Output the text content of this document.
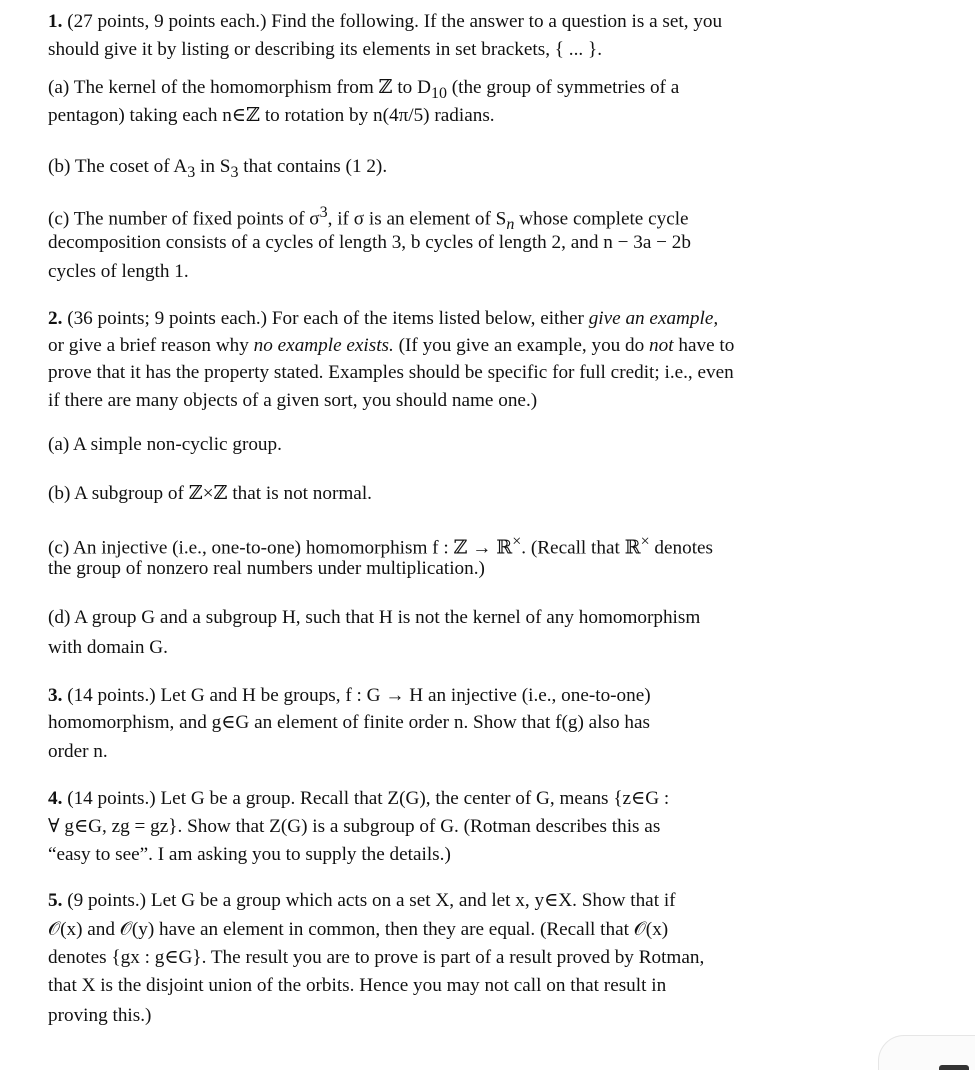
1. (27 points, 9 points each.) Find the following. If the answer to a question is a set, you
should give it by listing or describing its elements in set brackets, { ... }.
(a) The kernel of the homomorphism from ℤ to $D_{10}$ (the group of symmetries of a
pentagon) taking each n∈ℤ to rotation by n(4π/5) radians.
(b) The coset of $A_3$ in $S_3$ that contains (1 2).
(c) The number of fixed points of $\sigma^3$, if σ is an element of $S_n$ whose complete cycle
decomposition consists of a cycles of length 3, b cycles of length 2, and n − 3a − 2b
cycles of length 1.
2. (36 points; 9 points each.) For each of the items listed below, either give an example,
or give a brief reason why no example exists. (If you give an example, you do not have to
prove that it has the property stated. Examples should be specific for full credit; i.e., even
if there are many objects of a given sort, you should name one.)
(a) A simple non-cyclic group.
(b) A subgroup of ℤ×ℤ that is not normal.
(c) An injective (i.e., one-to-one) homomorphism f : ℤ → ℝ×. (Recall that ℝ× denotes
the group of nonzero real numbers under multiplication.)
(d) A group G and a subgroup H, such that H is not the kernel of any homomorphism
with domain G.
3. (14 points.) Let G and H be groups, f : G → H an injective (i.e., one-to-one)
homomorphism, and g∈G an element of finite order n. Show that f(g) also has
order n.
4. (14 points.) Let G be a group. Recall that Z(G), the center of G, means {z∈G :
∀ g∈G, zg = gz}. Show that Z(G) is a subgroup of G. (Rotman describes this as
“easy to see”. I am asking you to supply the details.)
5. (9 points.) Let G be a group which acts on a set X, and let x, y∈X. Show that if
𝒪(x) and 𝒪(y) have an element in common, then they are equal. (Recall that 𝒪(x)
denotes {gx : g∈G}. The result you are to prove is part of a result proved by Rotman,
that X is the disjoint union of the orbits. Hence you may not call on that result in
proving this.)
